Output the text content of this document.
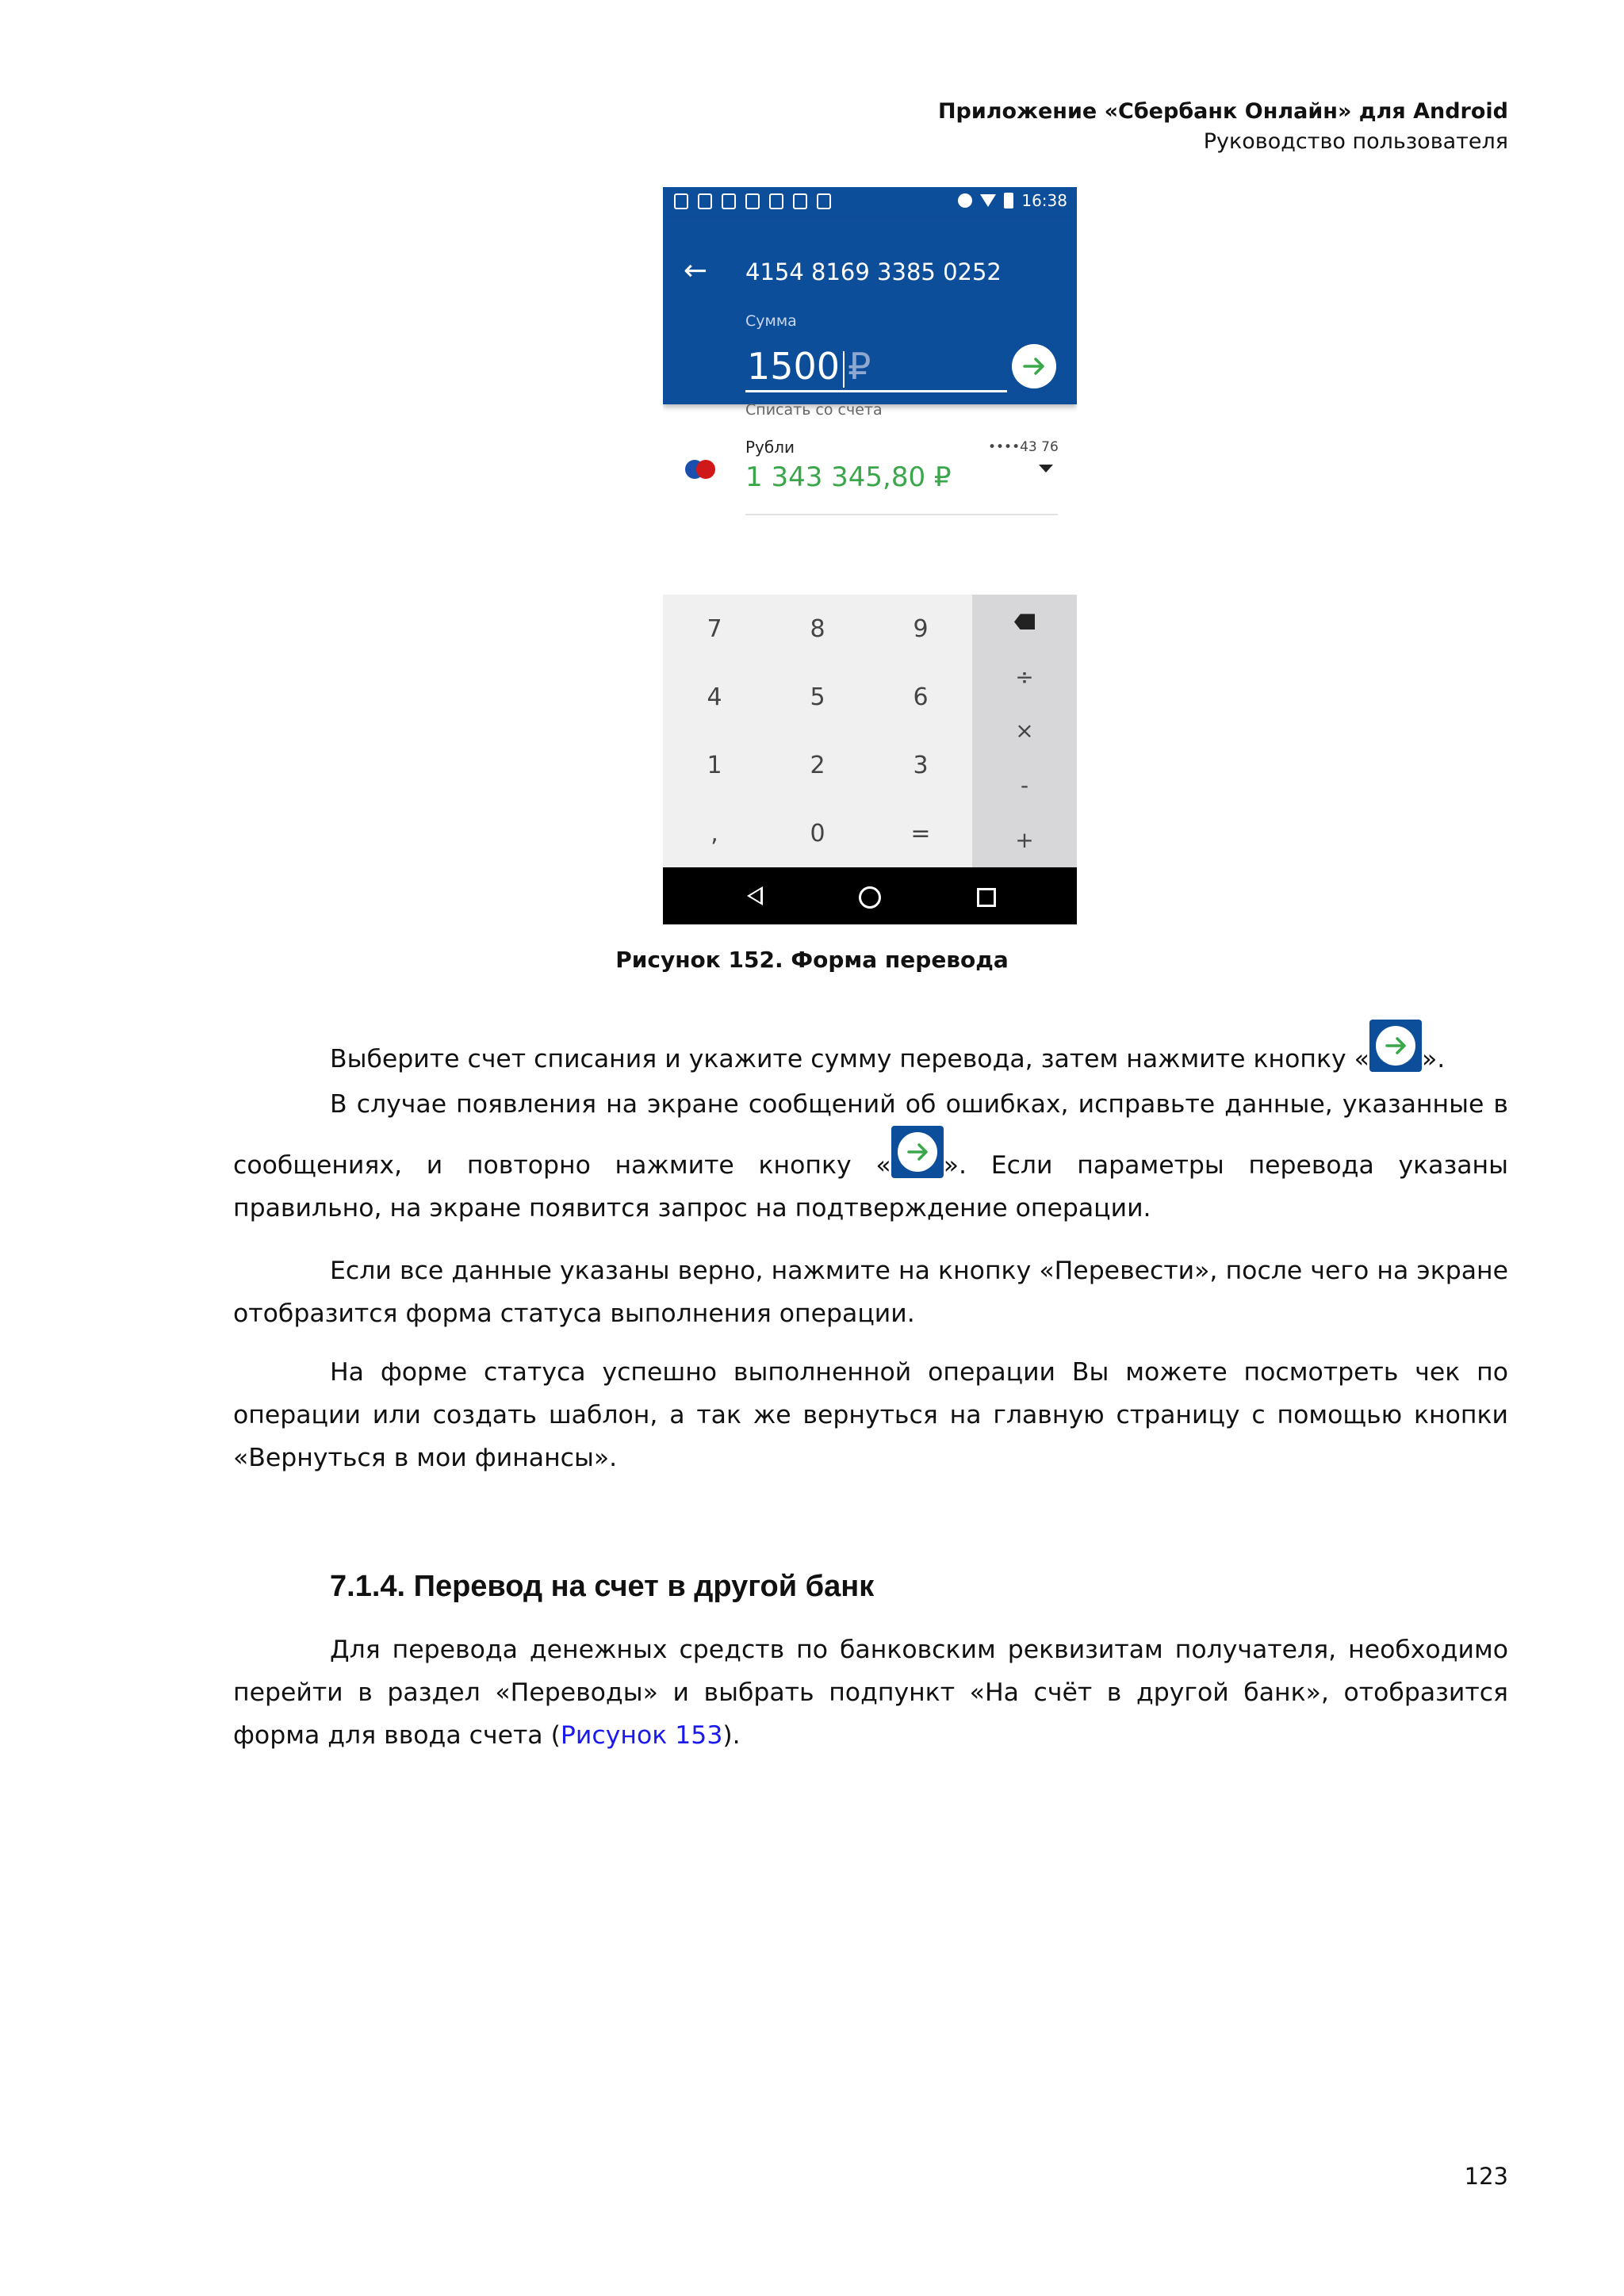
Приложение «Сбербанк Онлайн» для Android
Руководство пользователя
16:38
← 4154 8169 3385 0252
Сумма
1500 ₽
Списать со счета
Рубли	••••43 76
1 343 345,80 ₽
7	8	9
4	5	6
1	2	3
,	0	=
÷
×
-
+
Рисунок 152. Форма перевода
Выберите счет списания и укажите сумму перевода, затем нажмите кнопку « ».
В случае появления на экране сообщений об ошибках, исправьте данные, указанные в сообщениях, и повторно нажмите кнопку « ». Если параметры перевода указаны правильно, на экране появится запрос на подтверждение операции.
Если все данные указаны верно, нажмите на кнопку «Перевести», после чего на экране отобразится форма статуса выполнения операции.
На форме статуса успешно выполненной операции Вы можете посмотреть чек по операции или создать шаблон, а так же вернуться на главную страницу с помощью кнопки «Вернуться в мои финансы».
7.1.4. Перевод на счет в другой банк
Для перевода денежных средств по банковским реквизитам получателя, необходимо перейти в раздел «Переводы» и выбрать подпункт «На счёт в другой банк», отобразится форма для ввода счета (Рисунок 153).
123
